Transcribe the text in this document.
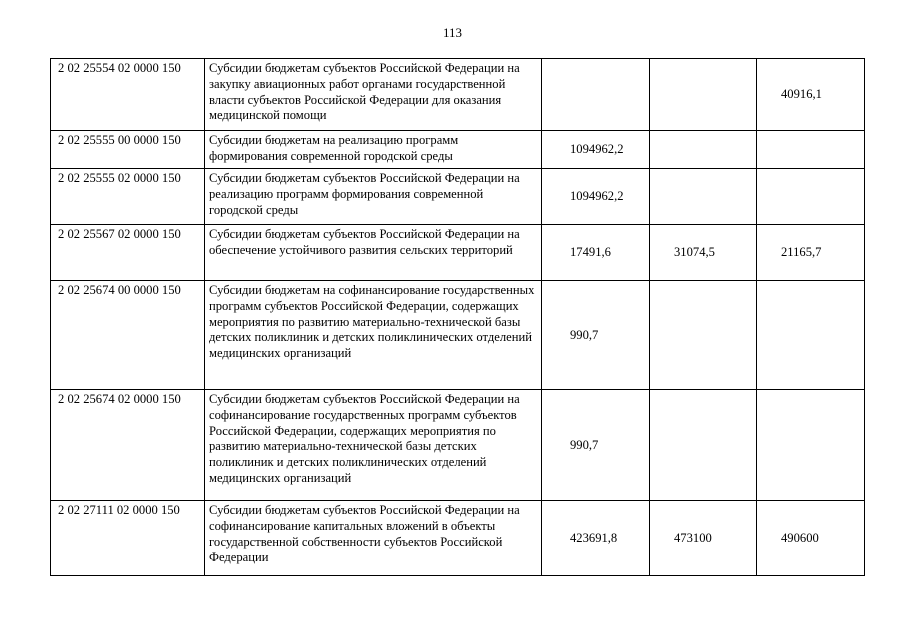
113
2 02 25554 02 0000 150	Субсидии бюджетам субъектов Российской Федерации на закупку авиационных работ органами государственной власти субъектов Российской Федерации для оказания медицинской помощи			40916,1
2 02 25555 00 0000 150	Субсидии бюджетам на реализацию программ формирования современной городской среды	1094962,2		
2 02 25555 02 0000 150	Субсидии бюджетам субъектов Российской Федерации на реализацию программ формирования современной городской среды	1094962,2		
2 02 25567 02 0000 150	Субсидии бюджетам субъектов Российской Федерации на обеспечение устойчивого развития сельских территорий	17491,6	31074,5	21165,7
2 02 25674 00 0000 150	Субсидии бюджетам на софинансирование государственных программ субъектов Российской Федерации, содержащих мероприятия по развитию материально-технической базы детских поликлиник и детских поликлинических отделений медицинских организаций	990,7		
2 02 25674 02 0000 150	Субсидии бюджетам субъектов Российской Федерации на софинансирование государственных программ субъектов Российской Федерации, содержащих мероприятия по развитию материально-технической базы детских поликлиник и детских поликлинических отделений медицинских организаций	990,7		
2 02 27111 02 0000 150	Субсидии бюджетам субъектов Российской Федерации на софинансирование капитальных вложений в объекты государственной собственности субъектов Российской Федерации	423691,8	473100	490600
